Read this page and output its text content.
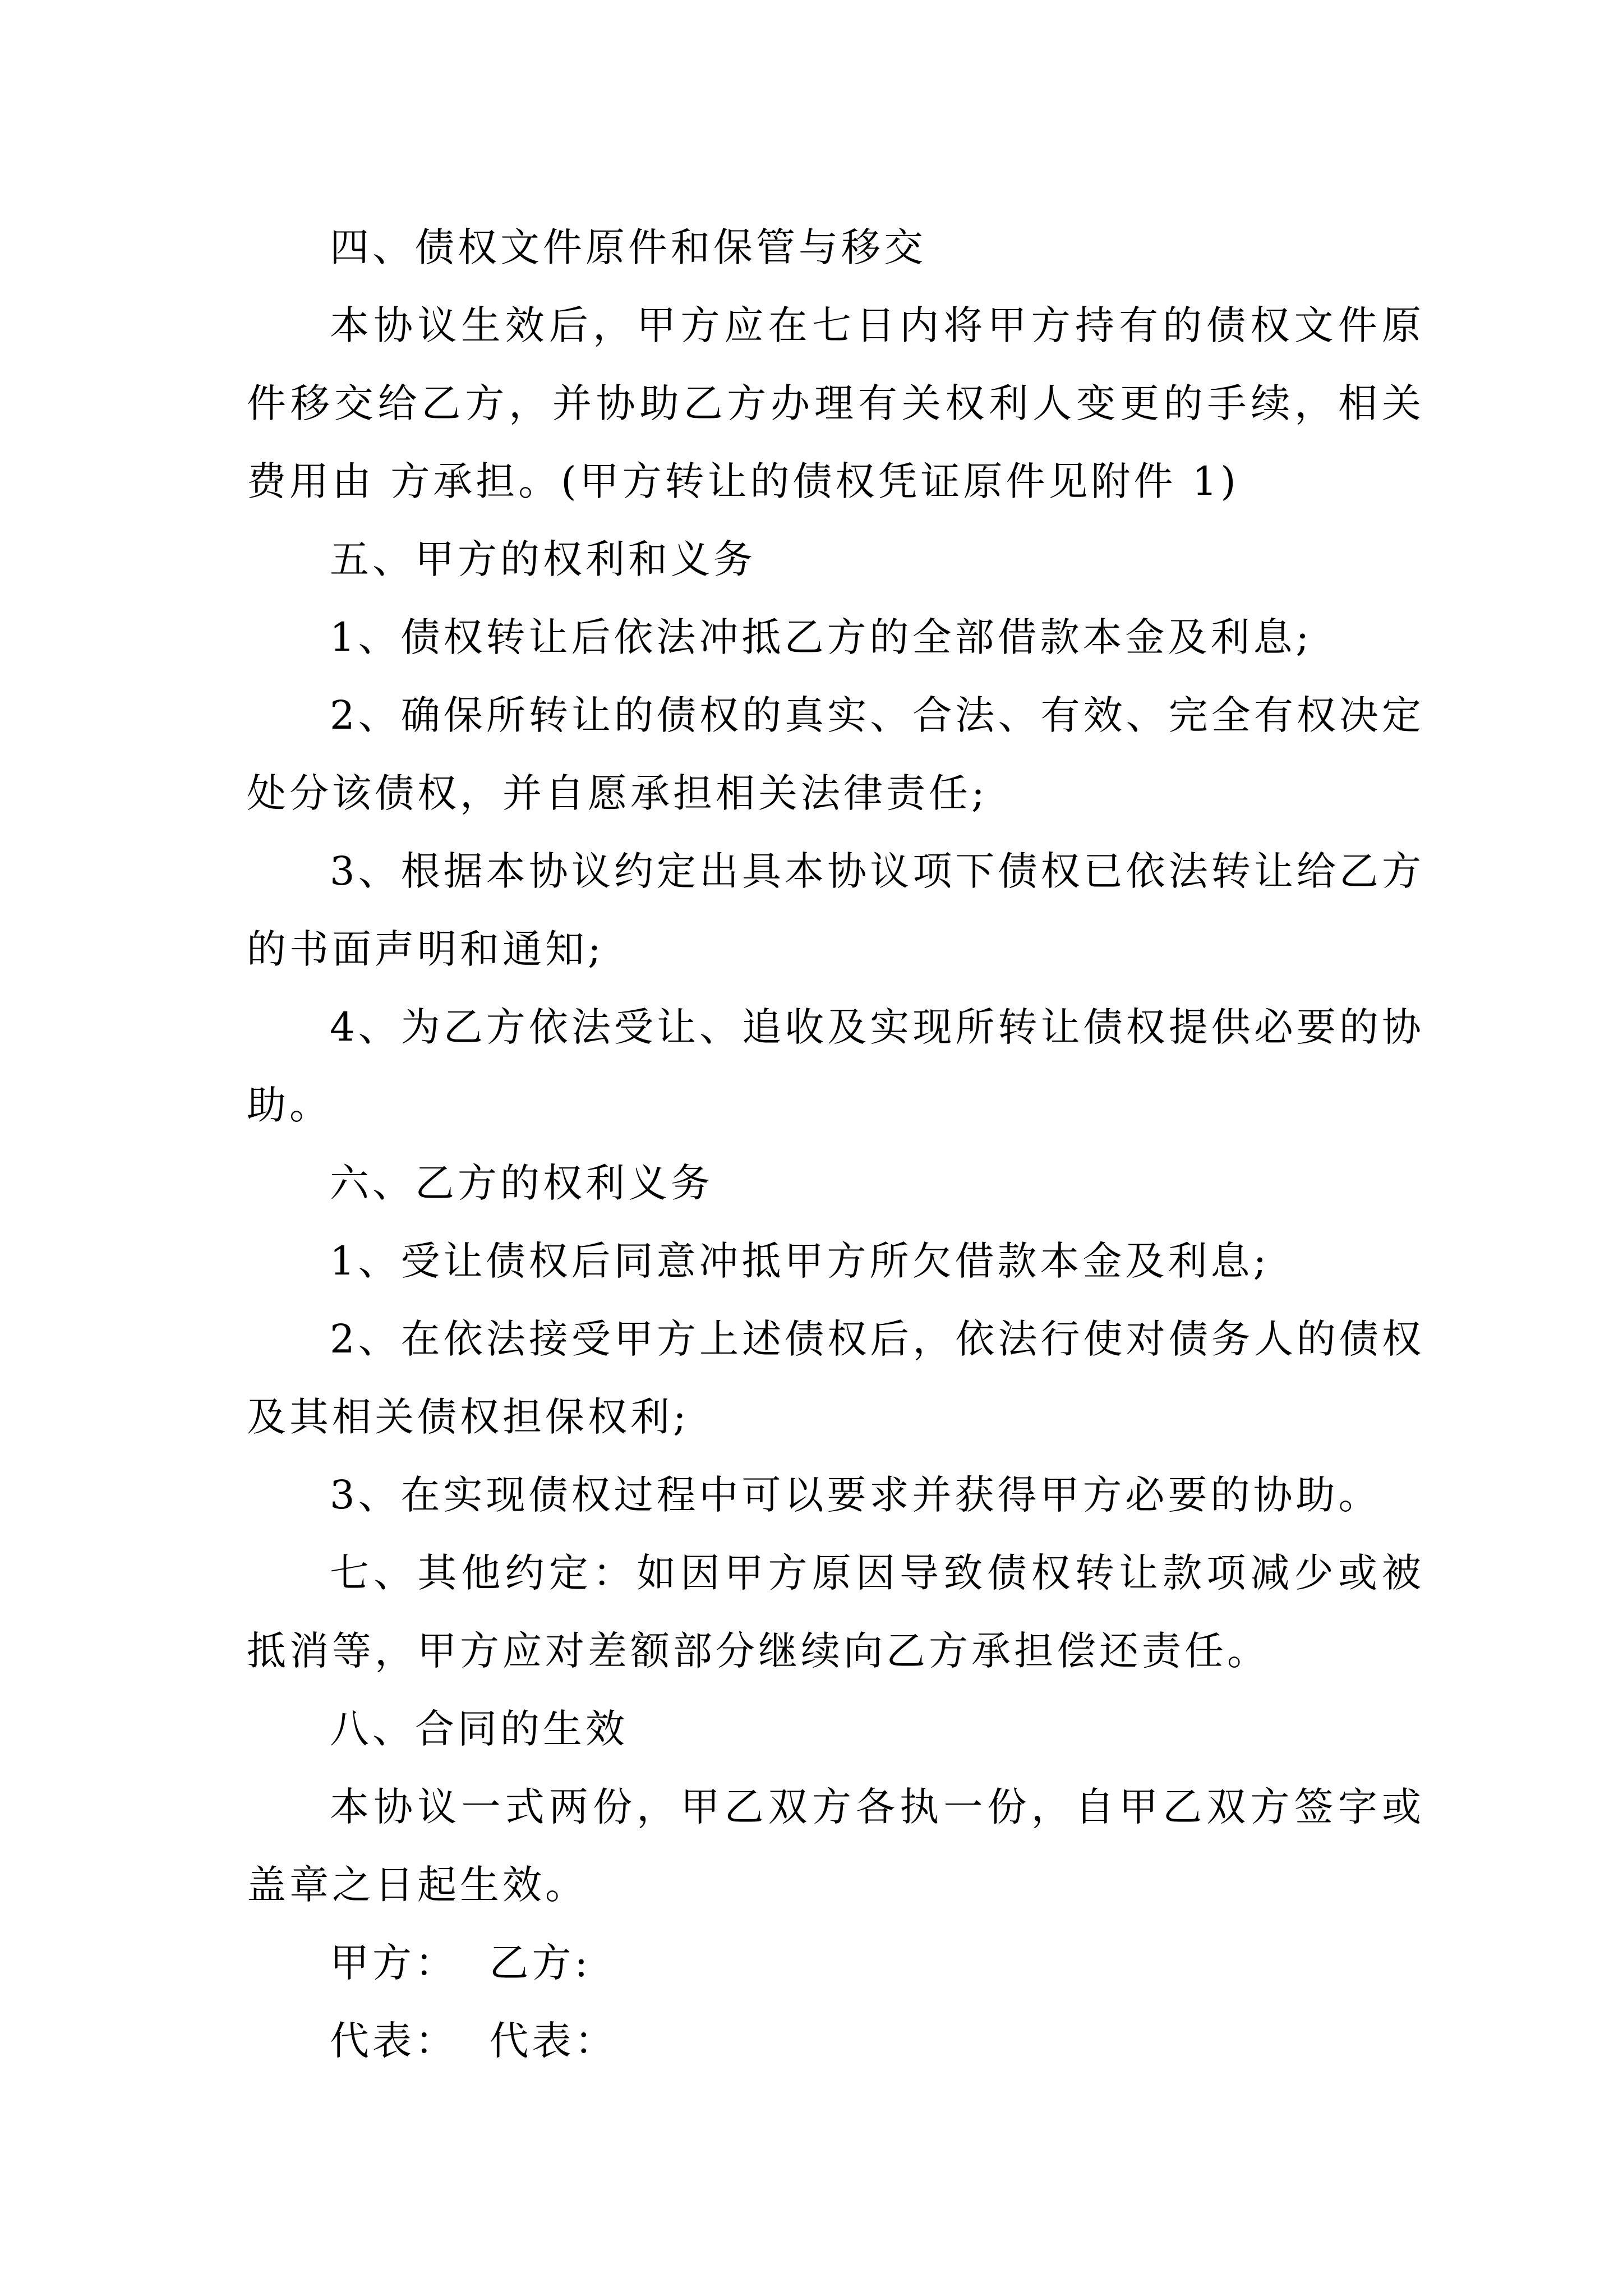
四、债权文件原件和保管与移交

本协议生效后，甲方应在七日内将甲方持有的债权文件原件移交给乙方，并协助乙方办理有关权利人变更的手续，相关费用由 方承担。(甲方转让的债权凭证原件见附件 1)

五、甲方的权利和义务

1、债权转让后依法冲抵乙方的全部借款本金及利息;

2、确保所转让的债权的真实、合法、有效、完全有权决定处分该债权，并自愿承担相关法律责任;

3、根据本协议约定出具本协议项下债权已依法转让给乙方的书面声明和通知;

4、为乙方依法受让、追收及实现所转让债权提供必要的协助。

六、乙方的权利义务

1、受让债权后同意冲抵甲方所欠借款本金及利息;

2、在依法接受甲方上述债权后，依法行使对债务人的债权及其相关债权担保权利;

3、在实现债权过程中可以要求并获得甲方必要的协助。

七、其他约定：如因甲方原因导致债权转让款项减少或被抵消等，甲方应对差额部分继续向乙方承担偿还责任。

八、合同的生效

本协议一式两份，甲乙双方各执一份，自甲乙双方签字或盖章之日起生效。

甲方：  乙方:

代表：  代表：
